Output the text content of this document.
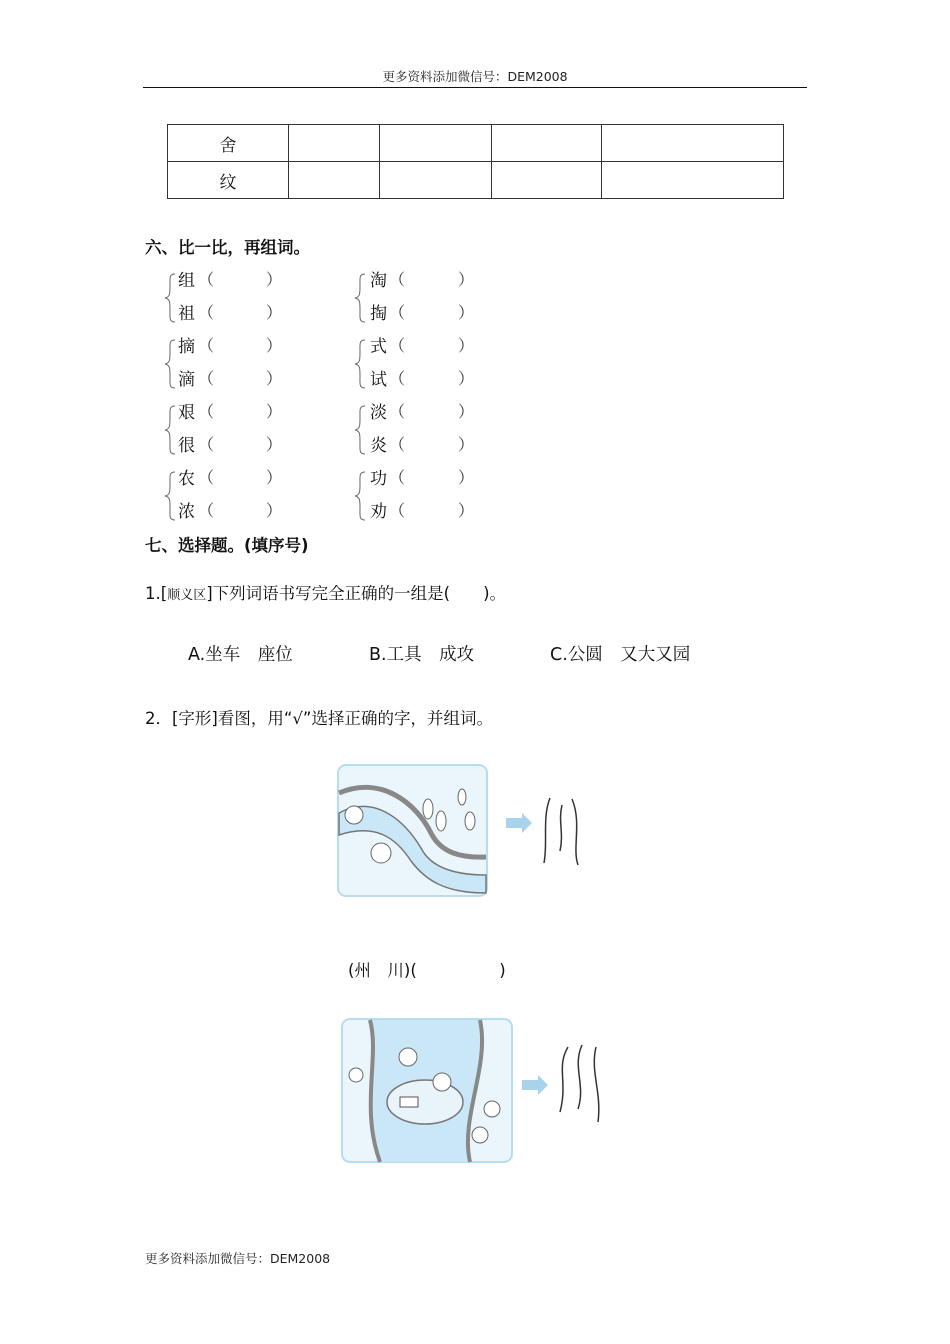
更多资料添加微信号：DEM2008
舍				
纹				
六、比一比，再组词。
组 （	）
祖 （	）
摘 （	）
滴 （	）
艰 （	）
很 （	）
农 （	）
浓 （	）
淘 （	）
掏 （	）
式 （	）
试 （	）
淡 （	）
炎 （	）
功 （	）
劝 （	）
七、选择题。(填序号)
1.[顺义区]下列词语书写完全正确的一组是(　　)。
A.坐车　座位	B.工具　成攻	C.公圆　又大又园
2．[字形]看图，用“√”选择正确的字，并组词。
(州　川)(　　　　　)
更多资料添加微信号：DEM2008
